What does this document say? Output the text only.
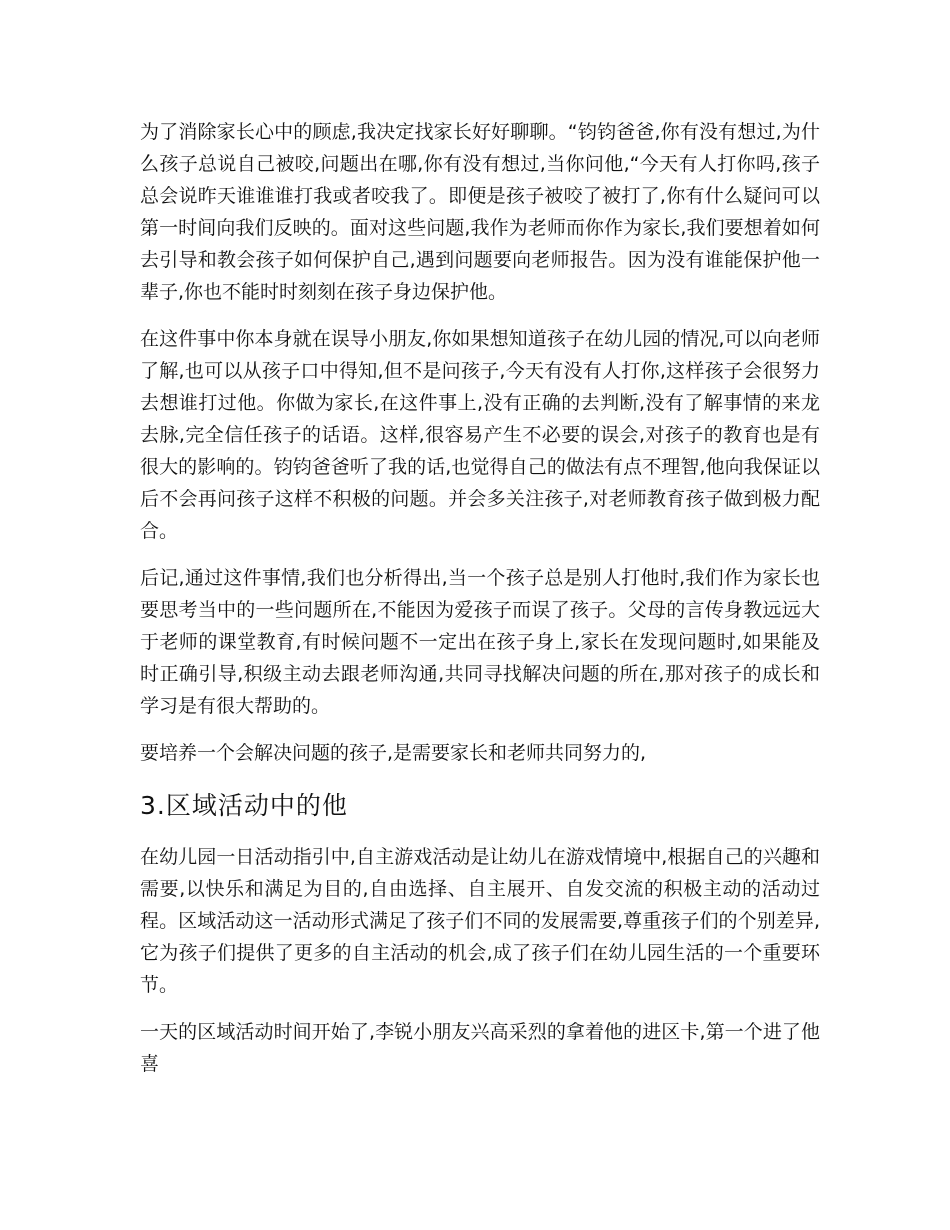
为了消除家长心中的顾虑,我决定找家长好好聊聊。“钧钧爸爸,你有没有想过,为什么孩子总说自己被咬,问题出在哪,你有没有想过,当你问他,“今天有人打你吗,孩子总会说昨天谁谁谁打我或者咬我了。即便是孩子被咬了被打了,你有什么疑问可以第一时间向我们反映的。面对这些问题,我作为老师而你作为家长,我们要想着如何去引导和教会孩子如何保护自己,遇到问题要向老师报告。因为没有谁能保护他一辈子,你也不能时时刻刻在孩子身边保护他。

在这件事中你本身就在误导小朋友,你如果想知道孩子在幼儿园的情况,可以向老师了解,也可以从孩子口中得知,但不是问孩子,今天有没有人打你,这样孩子会很努力去想谁打过他。你做为家长,在这件事上,没有正确的去判断,没有了解事情的来龙去脉,完全信任孩子的话语。这样,很容易产生不必要的误会,对孩子的教育也是有很大的影响的。钧钧爸爸听了我的话,也觉得自己的做法有点不理智,他向我保证以后不会再问孩子这样不积极的问题。并会多关注孩子,对老师教育孩子做到极力配合。

后记,通过这件事情,我们也分析得出,当一个孩子总是别人打他时,我们作为家长也要思考当中的一些问题所在,不能因为爱孩子而误了孩子。父母的言传身教远远大于老师的课堂教育,有时候问题不一定出在孩子身上,家长在发现问题时,如果能及时正确引导,积级主动去跟老师沟通,共同寻找解决问题的所在,那对孩子的成长和学习是有很大帮助的。

要培养一个会解决问题的孩子,是需要家长和老师共同努力的,

3.区域活动中的他

在幼儿园一日活动指引中,自主游戏活动是让幼儿在游戏情境中,根据自己的兴趣和需要,以快乐和满足为目的,自由选择、自主展开、自发交流的积极主动的活动过程。区域活动这一活动形式满足了孩子们不同的发展需要,尊重孩子们的个别差异,它为孩子们提供了更多的自主活动的机会,成了孩子们在幼儿园生活的一个重要环节。

一天的区域活动时间开始了,李锐小朋友兴高采烈的拿着他的进区卡,第一个进了他喜
